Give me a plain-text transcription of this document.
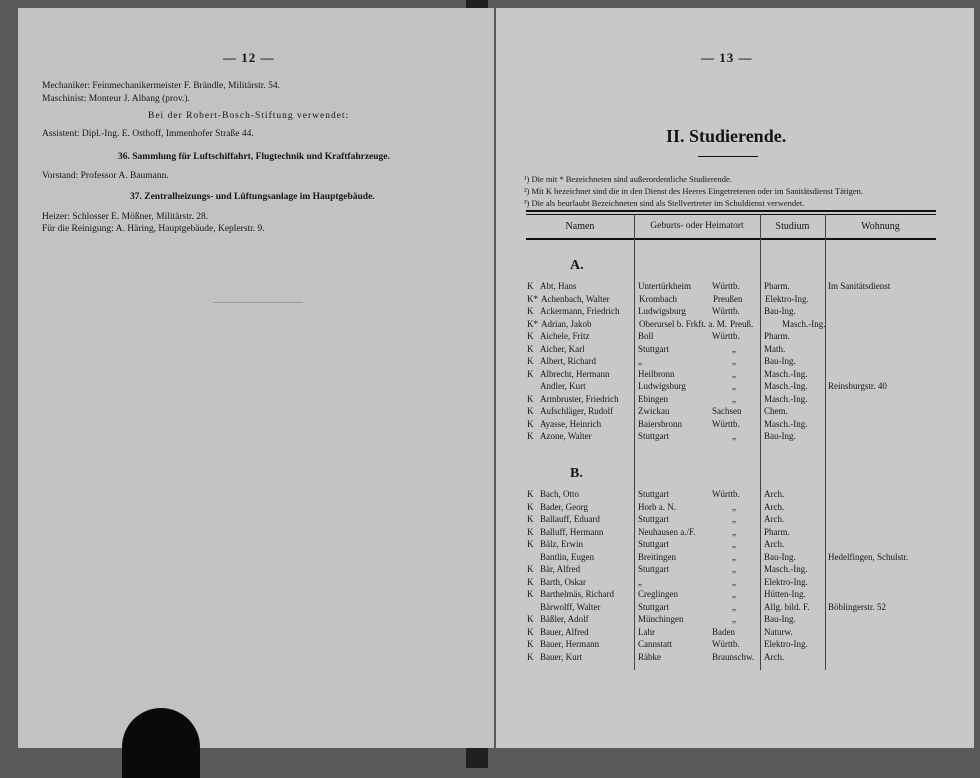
— 12 —
Mechaniker: Feinmechanikermeister F. Brändle, Militärstr. 54.
Maschinist: Monteur J. Albang (prov.).
Bei der Robert-Bosch-Stiftung verwendet:
Assistent: Dipl.-Ing. E. Osthoff, Immenhofer Straße 44.
36. Sammlung für Luftschiffahrt, Flugtechnik und Kraftfahrzeuge.
Vorstand: Professor A. Baumann.
37. Zentralheizungs- und Lüftungsanlage im Hauptgebäude.
Heizer: Schlosser E. Mößner, Militärstr. 28.
Für die Reinigung: A. Häring, Hauptgebäude, Keplerstr. 9.
— 13 —
II. Studierende.
¹) Die mit * Bezeichneten sind außerordentliche Studierende.
²) Mit K bezeichnet sind die in den Dienst des Heeres Eingetretenen oder im Sanitätsdienst Tätigen.
³) Die als beurlaubt Bezeichneten sind als Stellvertreter im Schuldienst verwendet.
Namen	Geburts- oder Heimatort	Studium	Wohnung
A.
K Abt, Hans	Untertürkheim	Württb.	Pharm.	Im Sanitätsdienst
K* Achenbach, Walter	Krombach	Preußen	Elektro-Ing.
K Ackermann, Friedrich	Ludwigsburg	Württb.	Bau-Ing.
K* Adrian, Jakob	Oberursel b. Frkft. a. M. Preuß.	Masch.-Ing.
K Aichele, Fritz	Boll	Württb.	Pharm.
K Aicher, Karl	Stuttgart	„	Math.
K Albert, Richard	„	„	Bau-Ing.
K Albrecht, Hermann	Heilbronn	„	Masch.-Ing.
Andler, Kurt	Ludwigsburg	„	Masch.-Ing.	Reinsburgstr. 40
K Armbruster, Friedrich	Ebingen	„	Masch.-Ing.
K Aufschläger, Rudolf	Zwickau	Sachsen	Chem.
K Ayasse, Heinrich	Baiersbronn	Württb.	Masch.-Ing.
K Azone, Walter	Stuttgart	„	Bau-Ing.
B.
K Bach, Otto	Stuttgart	Württb.	Arch.
K Bader, Georg	Horb a. N.	„	Arch.
K Ballauff, Eduard	Stuttgart	„	Arch.
K Balluff, Hermann	Neuhausen a./F.	„	Pharm.
K Bälz, Erwin	Stuttgart	„	Arch.
Bantlin, Eugen	Breitingen	„	Bau-Ing.	Hedelfingen, Schulstr.
K Bär, Alfred	Stuttgart	„	Masch.-Ing.
K Barth, Oskar	„	„	Elektro-Ing.
K Barthelmäs, Richard	Creglingen	„	Hütten-Ing.
Bärwolff, Walter	Stuttgart	„	Allg. bild. F.	Böblingerstr. 52
K Bäßler, Adolf	Münchingen	„	Bau-Ing.
K Bauer, Alfred	Lahr	Baden	Naturw.
K Bauer, Hermann	Cannstatt	Württb.	Elektro-Ing.
K Bauer, Kurt	Räbke	Braunschw.	Arch.
